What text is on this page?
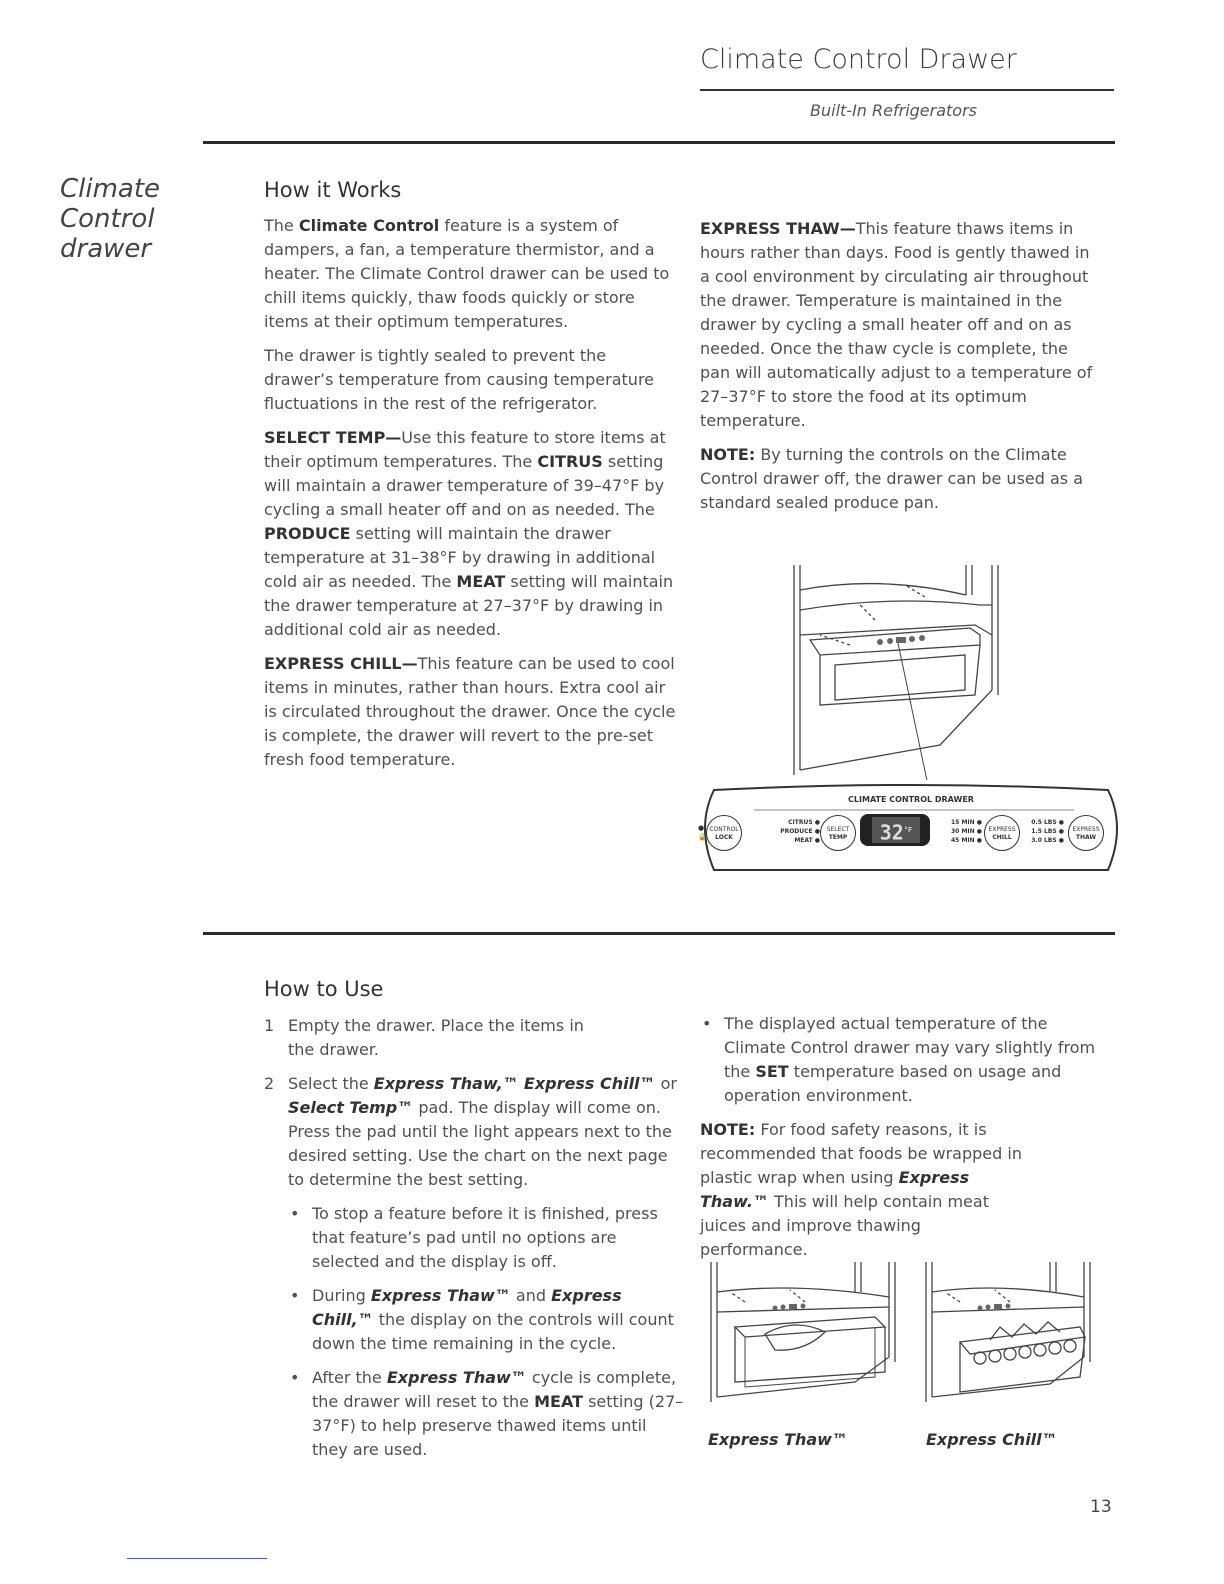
Climate Control Drawer
Built-In Refrigerators
Climate
Control
drawer
How it Works

The Climate Control feature is a system of dampers, a fan, a temperature thermistor, and a heater. The Climate Control drawer can be used to chill items quickly, thaw foods quickly or store items at their optimum temperatures.

The drawer is tightly sealed to prevent the drawer’s temperature from causing temperature fluctuations in the rest of the refrigerator.

SELECT TEMP—Use this feature to store items at their optimum temperatures. The CITRUS setting will maintain a drawer temperature of 39–47°F by cycling a small heater off and on as needed. The PRODUCE setting will maintain the drawer temperature at 31–38°F by drawing in additional cold air as needed. The MEAT setting will maintain the drawer temperature at 27–37°F by drawing in additional cold air as needed.

EXPRESS CHILL—This feature can be used to cool items in minutes, rather than hours. Extra cool air is circulated throughout the drawer. Once the cycle is complete, the drawer will revert to the pre-set fresh food temperature.

EXPRESS THAW—This feature thaws items in hours rather than days. Food is gently thawed in a cool environment by circulating air throughout the drawer. Temperature is maintained in the drawer by cycling a small heater off and on as needed. Once the thaw cycle is complete, the pan will automatically adjust to a temperature of 27–37°F to store the food at its optimum temperature.

NOTE: By turning the controls on the Climate Control drawer off, the drawer can be used as a standard sealed produce pan.

CLIMATE CONTROL DRAWER
CONTROL
LOCK
●
🔒
CITRUS ●
PRODUCE ●
MEAT ●
SELECT
TEMP	$32^{^\circ F}$
15 MIN ●
30 MIN ●
45 MIN ●
EXPRESS
CHILL
0.5 LBS ●
1.5 LBS ●
3.0 LBS ●
EXPRESS
THAW
How to Use
1 Empty the drawer. Place the items in the drawer.
2 Select the Express Thaw,™ Express Chill™ or Select Temp™ pad. The display will come on. Press the pad until the light appears next to the desired setting. Use the chart on the next page to determine the best setting.
• To stop a feature before it is finished, press that feature’s pad until no options are selected and the display is off.
• During Express Thaw™ and Express Chill,™ the display on the controls will count down the time remaining in the cycle.
• After the Express Thaw™ cycle is complete, the drawer will reset to the MEAT setting (27–37°F) to help preserve thawed items until they are used.
• The displayed actual temperature of the Climate Control drawer may vary slightly from the SET temperature based on usage and operation environment.

NOTE: For food safety reasons, it is recommended that foods be wrapped in plastic wrap when using Express Thaw.™ This will help contain meat juices and improve thawing performance.

Express Thaw™	Express Chill™
13
